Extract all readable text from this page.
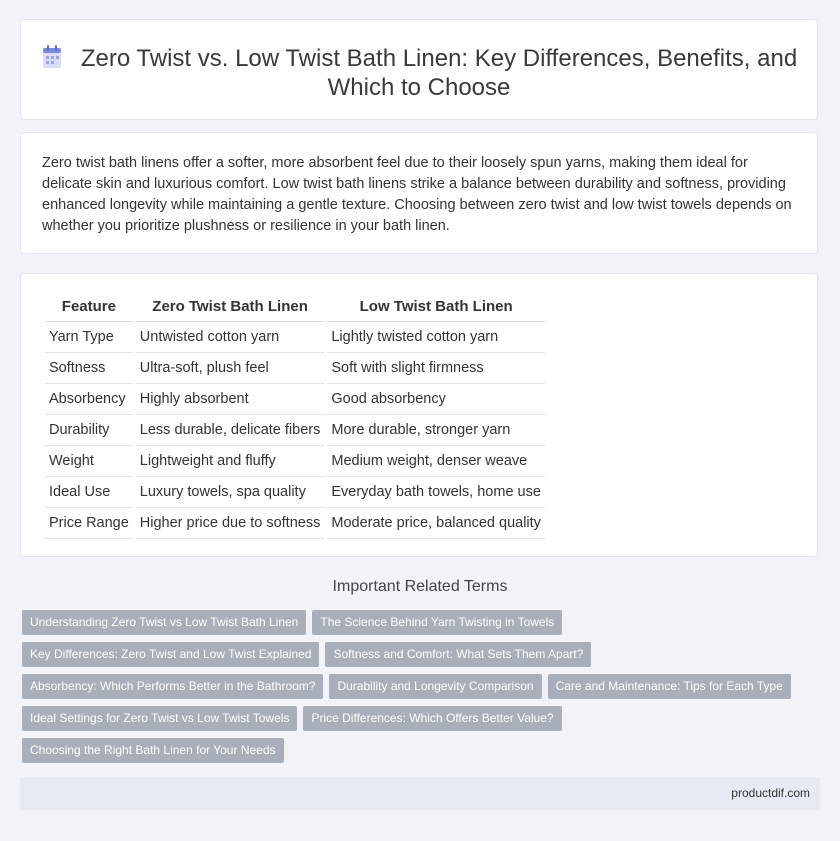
Zero Twist vs. Low Twist Bath Linen: Key Differences, Benefits, and Which to Choose
Zero twist bath linens offer a softer, more absorbent feel due to their loosely spun yarns, making them ideal for delicate skin and luxurious comfort. Low twist bath linens strike a balance between durability and softness, providing enhanced longevity while maintaining a gentle texture. Choosing between zero twist and low twist towels depends on whether you prioritize plushness or resilience in your bath linen.
Feature	Zero Twist Bath Linen	Low Twist Bath Linen
Yarn Type	Untwisted cotton yarn	Lightly twisted cotton yarn
Softness	Ultra-soft, plush feel	Soft with slight firmness
Absorbency	Highly absorbent	Good absorbency
Durability	Less durable, delicate fibers	More durable, stronger yarn
Weight	Lightweight and fluffy	Medium weight, denser weave
Ideal Use	Luxury towels, spa quality	Everyday bath towels, home use
Price Range	Higher price due to softness	Moderate price, balanced quality
Important Related Terms
Understanding Zero Twist vs Low Twist Bath Linen The Science Behind Yarn Twisting in Towels
Key Differences: Zero Twist and Low Twist Explained Softness and Comfort: What Sets Them Apart?
Absorbency: Which Performs Better in the Bathroom? Durability and Longevity Comparison Care and Maintenance: Tips for Each Type
Ideal Settings for Zero Twist vs Low Twist Towels Price Differences: Which Offers Better Value?
Choosing the Right Bath Linen for Your Needs
productdif.com
